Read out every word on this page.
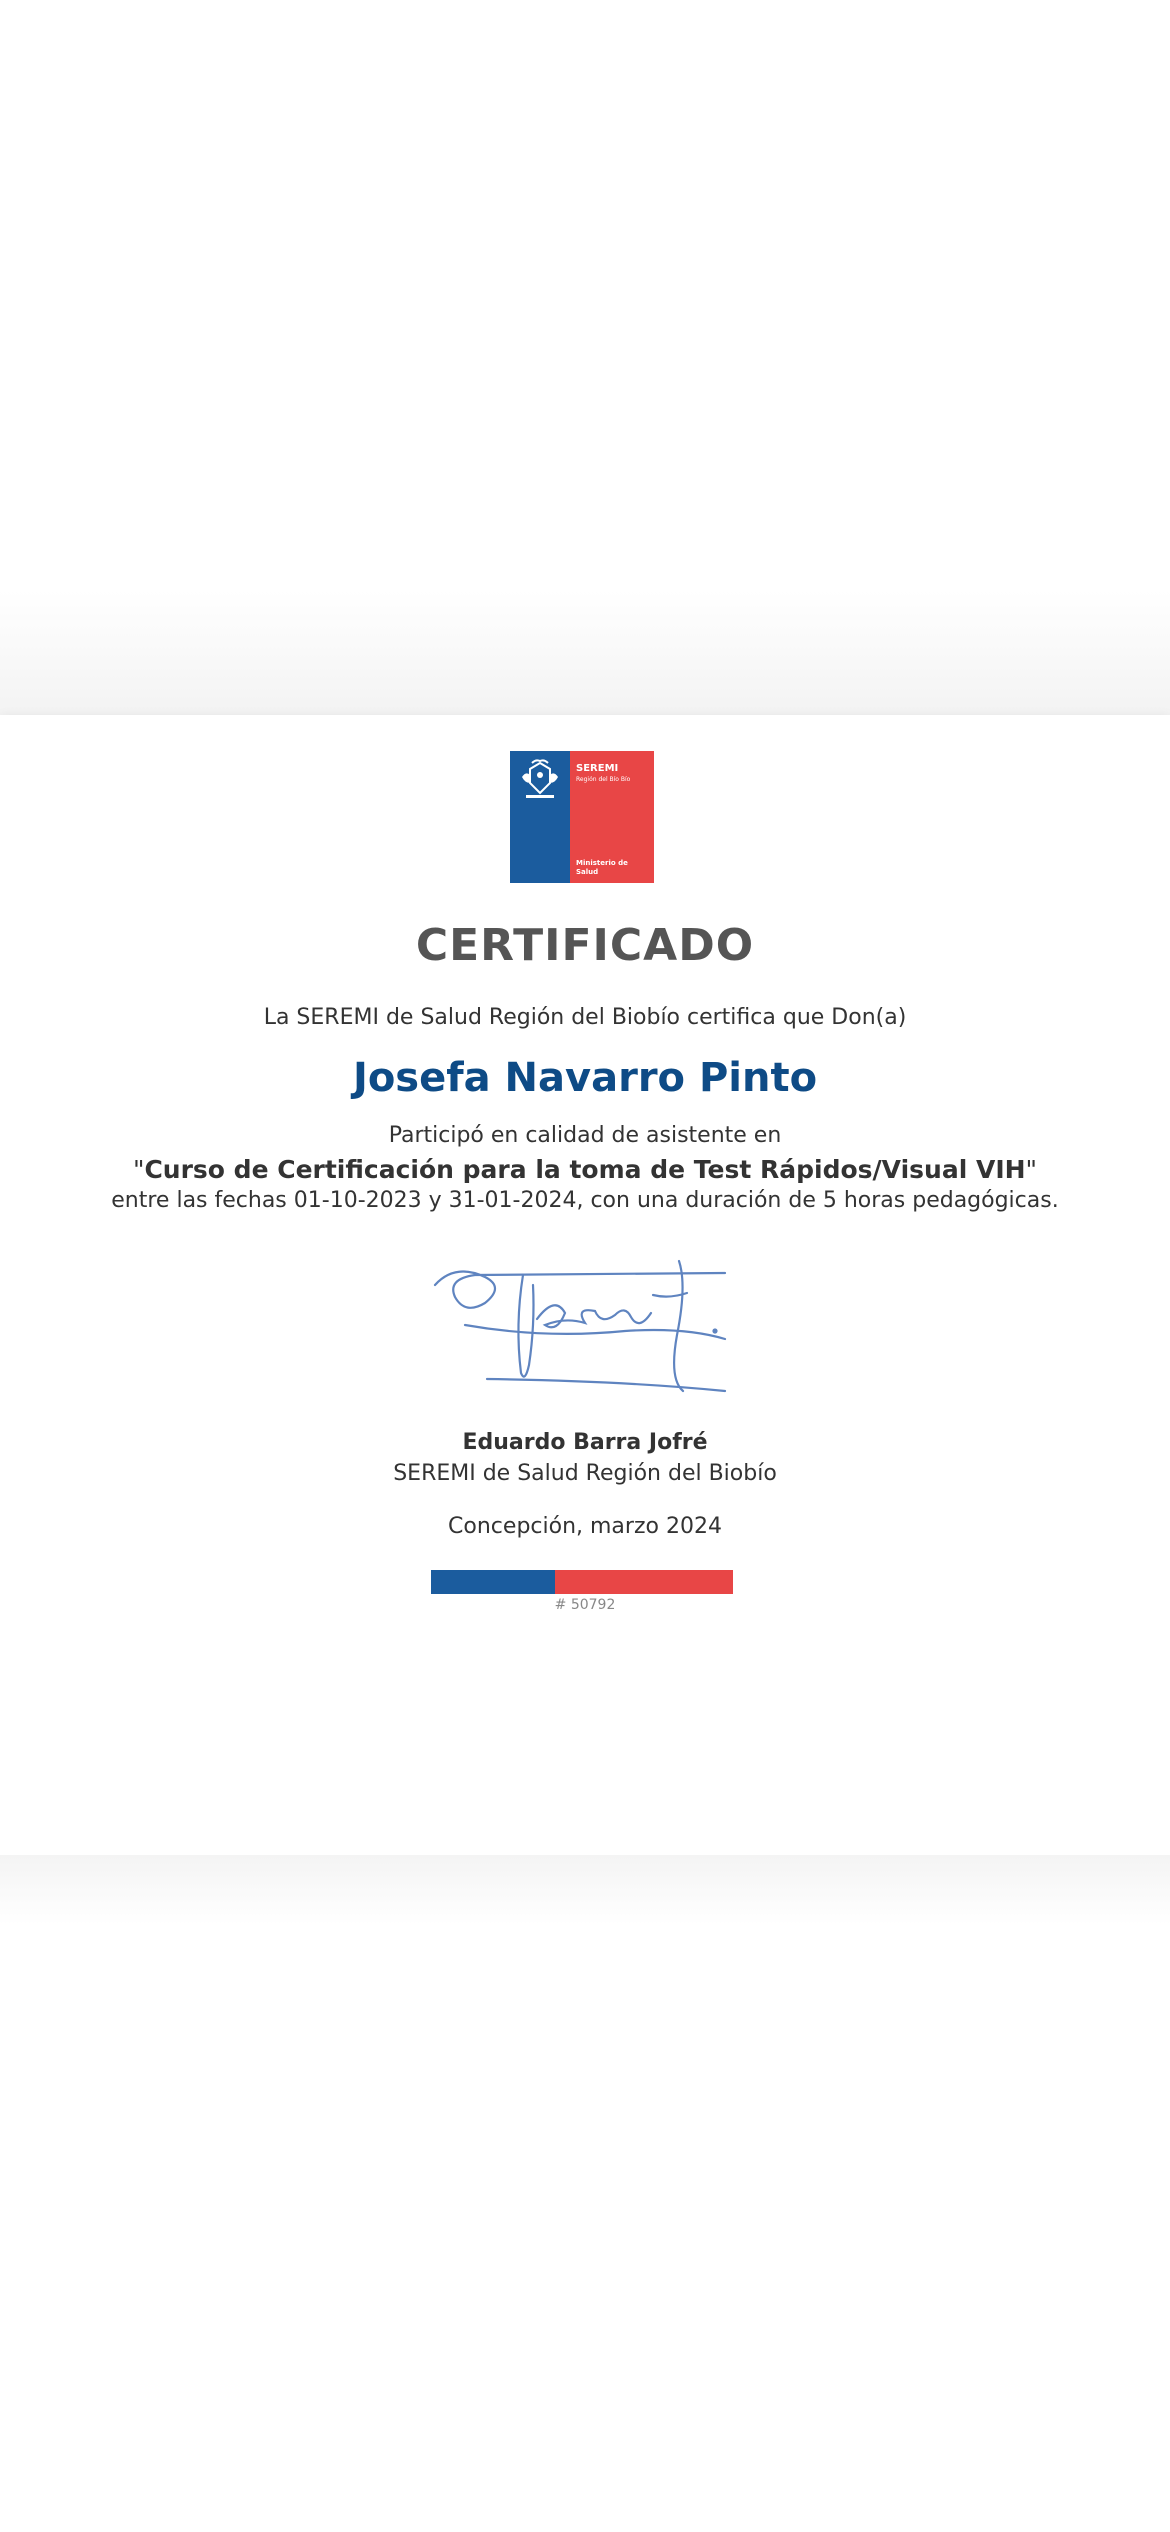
SEREMI
Región del Bío Bío
Ministerio de Salud
CERTIFICADO
La SEREMI de Salud Región del Biobío certifica que Don(a)
Josefa Navarro Pinto
Participó en calidad de asistente en
"Curso de Certificación para la toma de Test Rápidos/Visual VIH"
entre las fechas 01-10-2023 y 31-01-2024, con una duración de 5 horas pedagógicas.
Eduardo Barra Jofré
SEREMI de Salud Región del Biobío
Concepción, marzo 2024
# 50792
